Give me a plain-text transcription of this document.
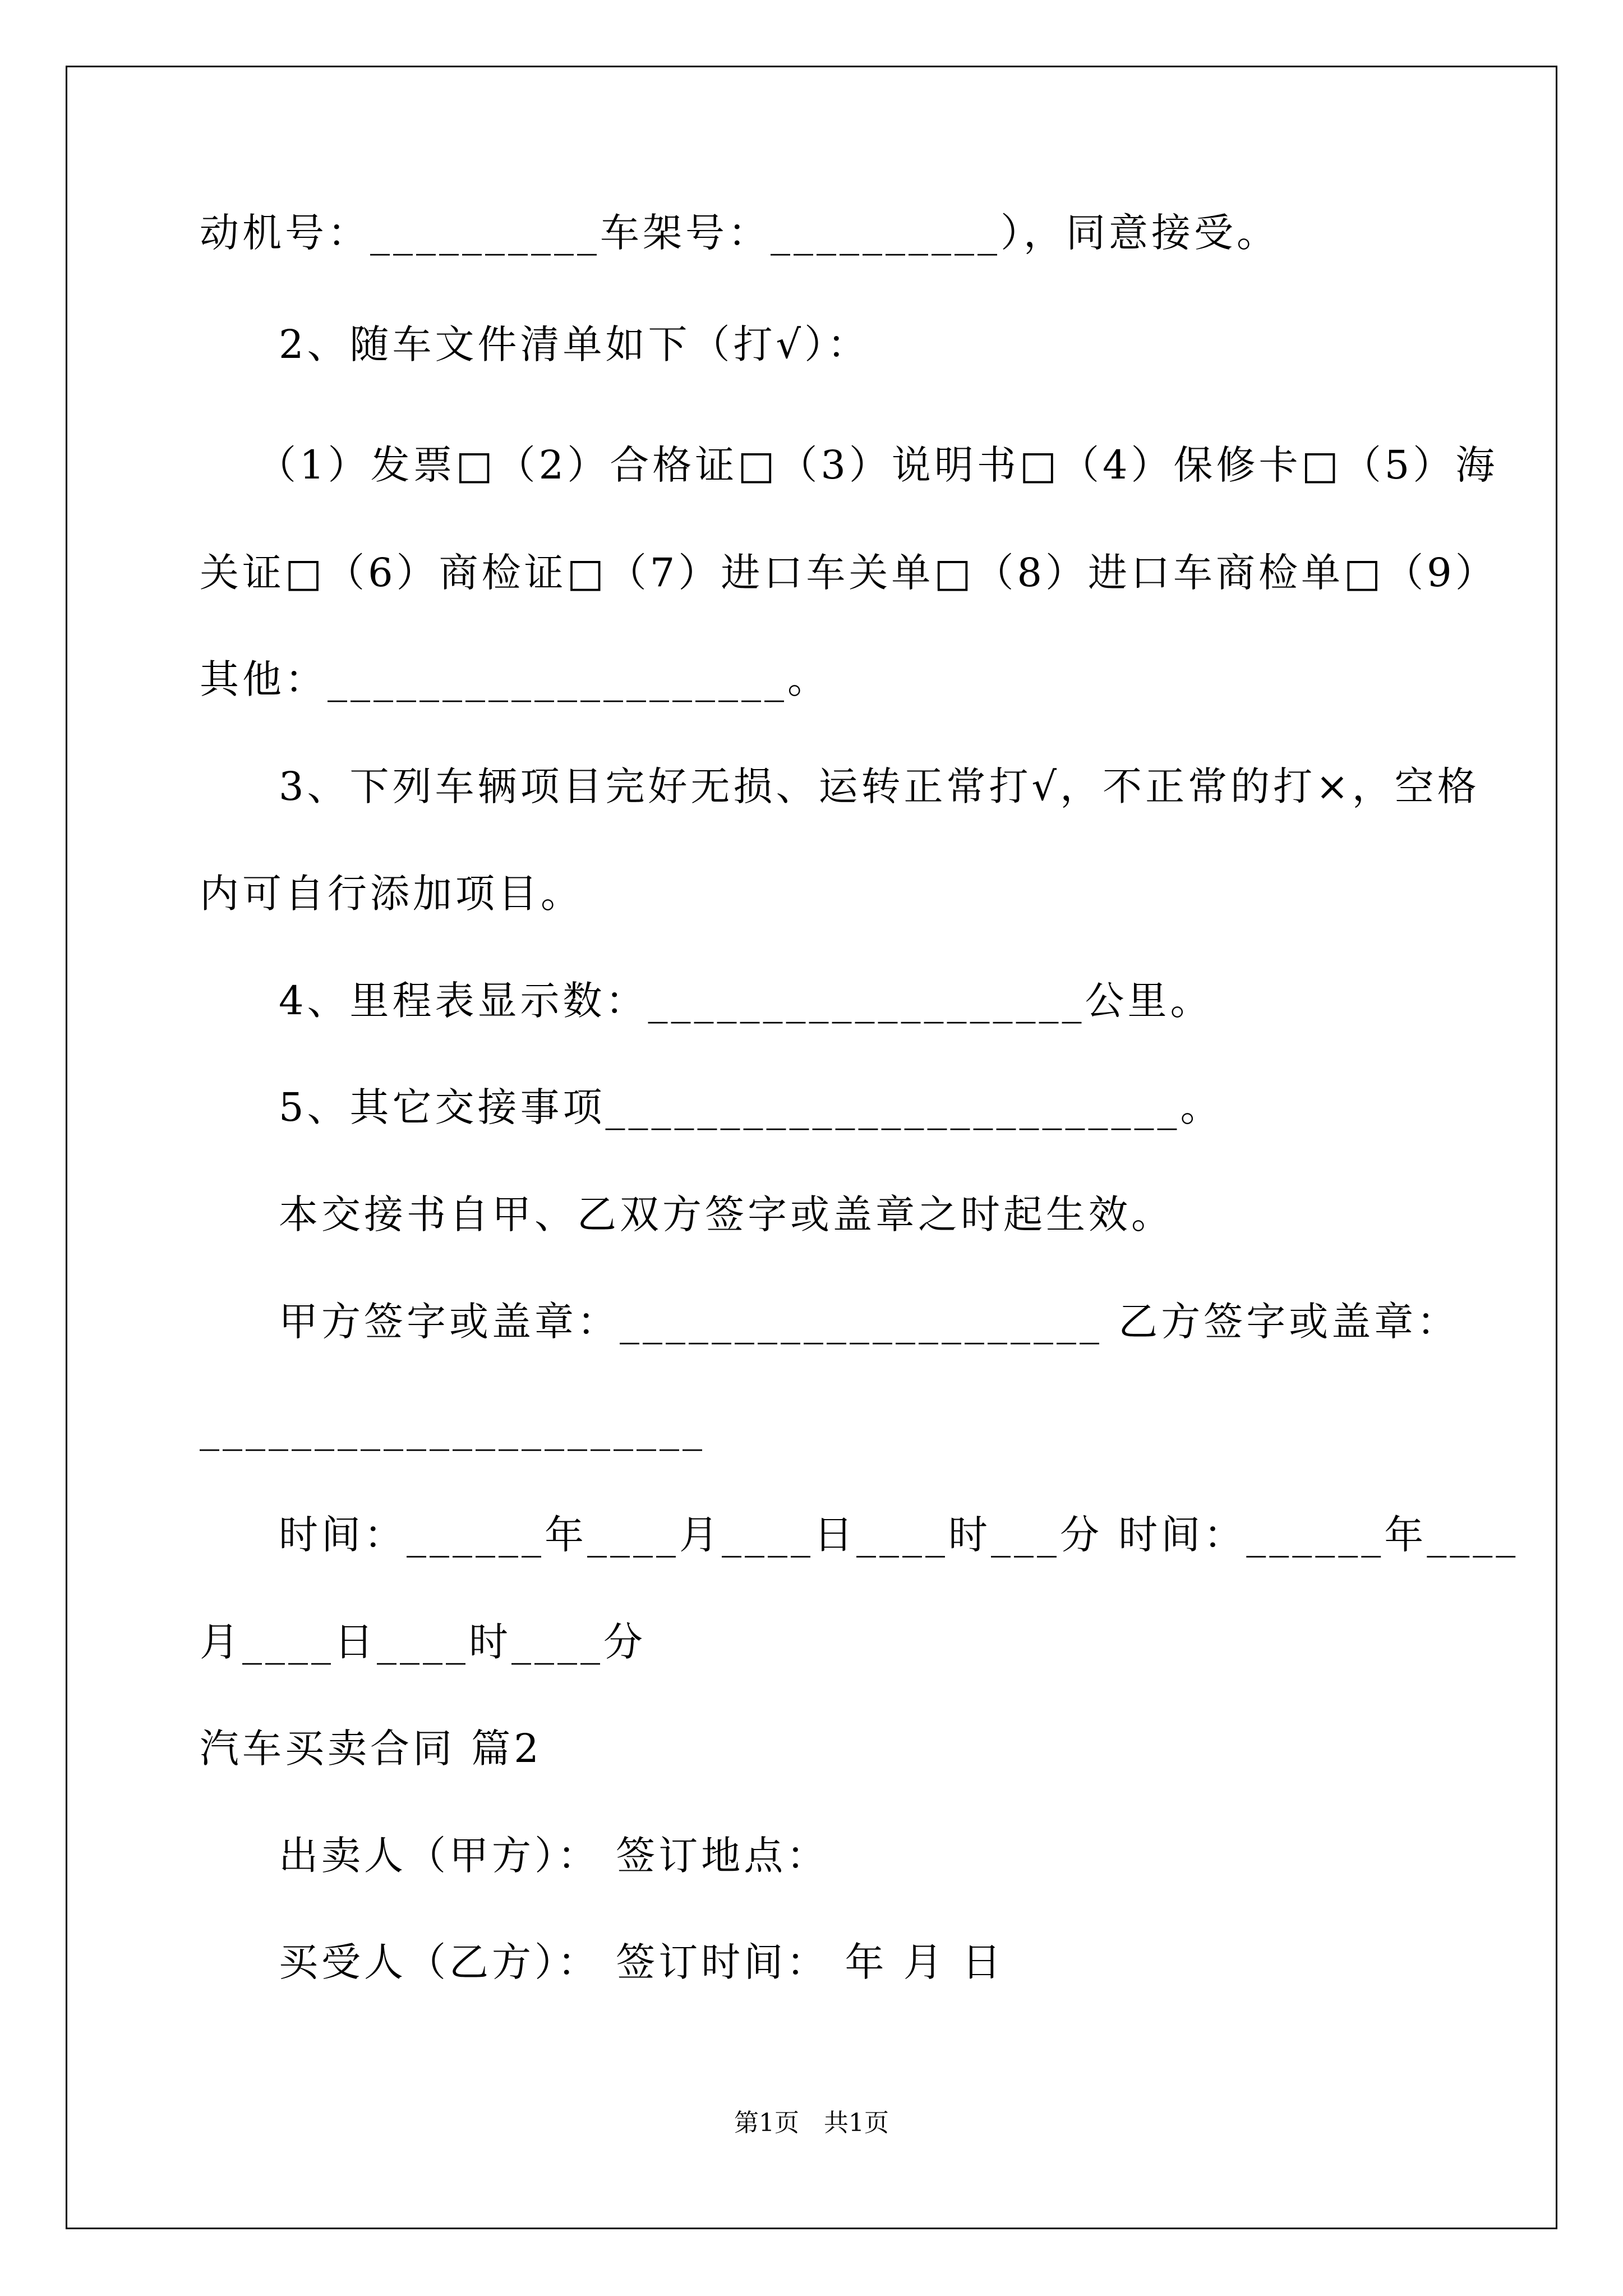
动机号：__________车架号：__________），同意接受。
2、随车文件清单如下（打√）：
（1）发票□（2）合格证□（3）说明书□（4）保修卡□（5）海
关证□（6）商检证□（7）进口车关单□（8）进口车商检单□（9）
其他：____________________。
3、下列车辆项目完好无损、运转正常打√，不正常的打×，空格
内可自行添加项目。
4、里程表显示数：___________________公里。
5、其它交接事项_________________________。
本交接书自甲、乙双方签字或盖章之时起生效。
甲方签字或盖章：_____________________ 乙方签字或盖章：
______________________
时间：______年____月____日____时___分 时间：______年____
月____日____时____分
汽车买卖合同 篇2
出卖人（甲方）： 签订地点：
买受人（乙方）： 签订时间： 年 月 日
第1页　共1页
